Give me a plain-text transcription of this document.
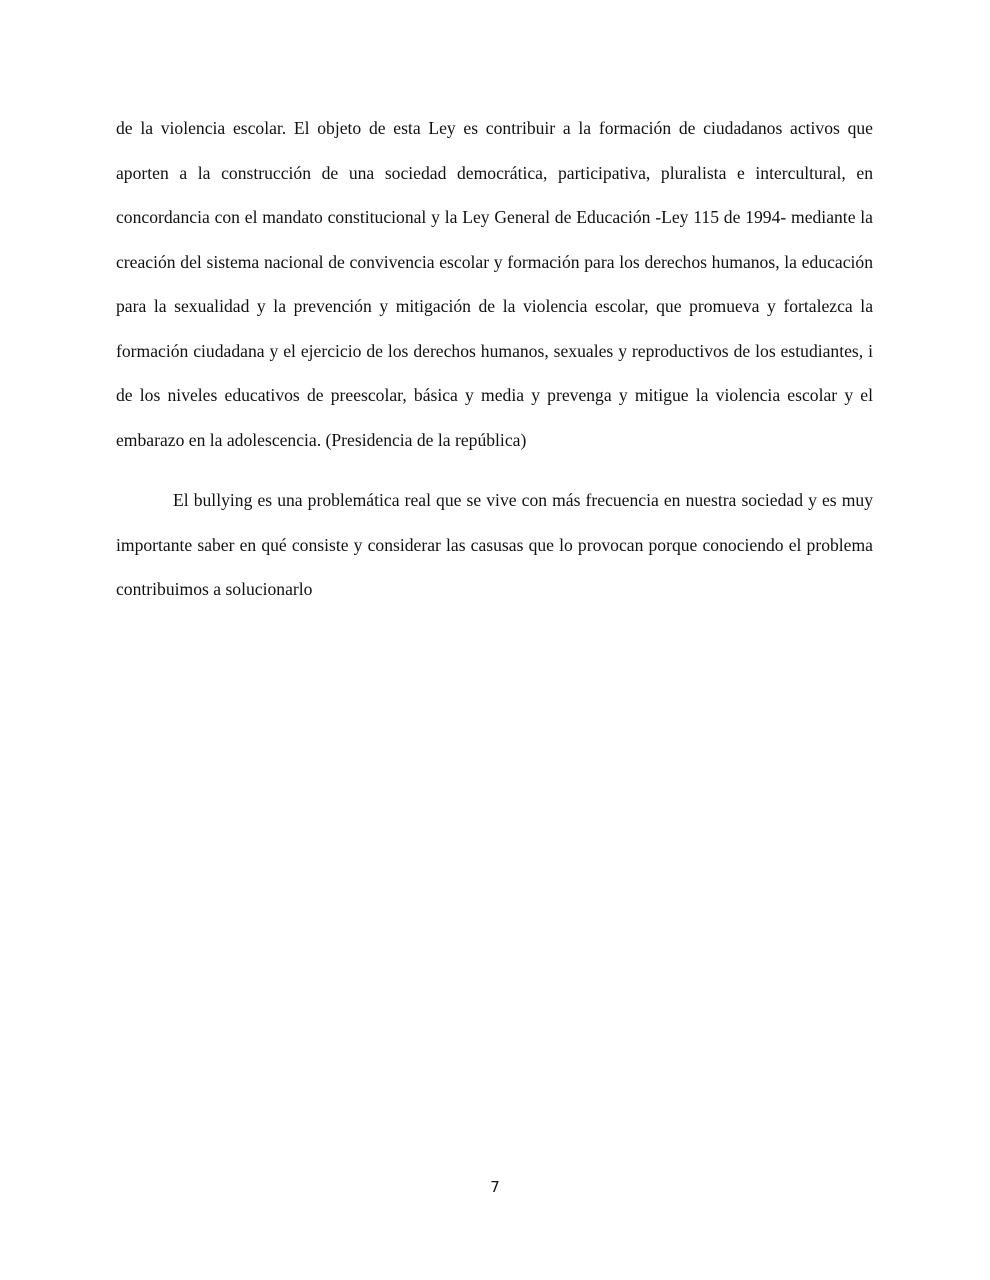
de la violencia escolar. El objeto de esta Ley es contribuir a la formación de ciudadanos activos que aporten a la construcción de una sociedad democrática, participativa, pluralista e intercultural, en concordancia con el mandato constitucional y la Ley General de Educación -Ley 115 de 1994- mediante la creación del sistema nacional de convivencia escolar y formación para los derechos humanos, la educación para la sexualidad y la prevención y mitigación de la violencia escolar, que promueva y fortalezca la formación ciudadana y el ejercicio de los derechos humanos, sexuales y reproductivos de los estudiantes, i de los niveles educativos de preescolar, básica y media y prevenga y mitigue la violencia escolar y el embarazo en la adolescencia. (Presidencia de la república)

El bullying es una problemática real que se vive con más frecuencia en nuestra sociedad y es muy importante saber en qué consiste y considerar las casusas que lo provocan porque conociendo el problema contribuimos a solucionarlo

7
